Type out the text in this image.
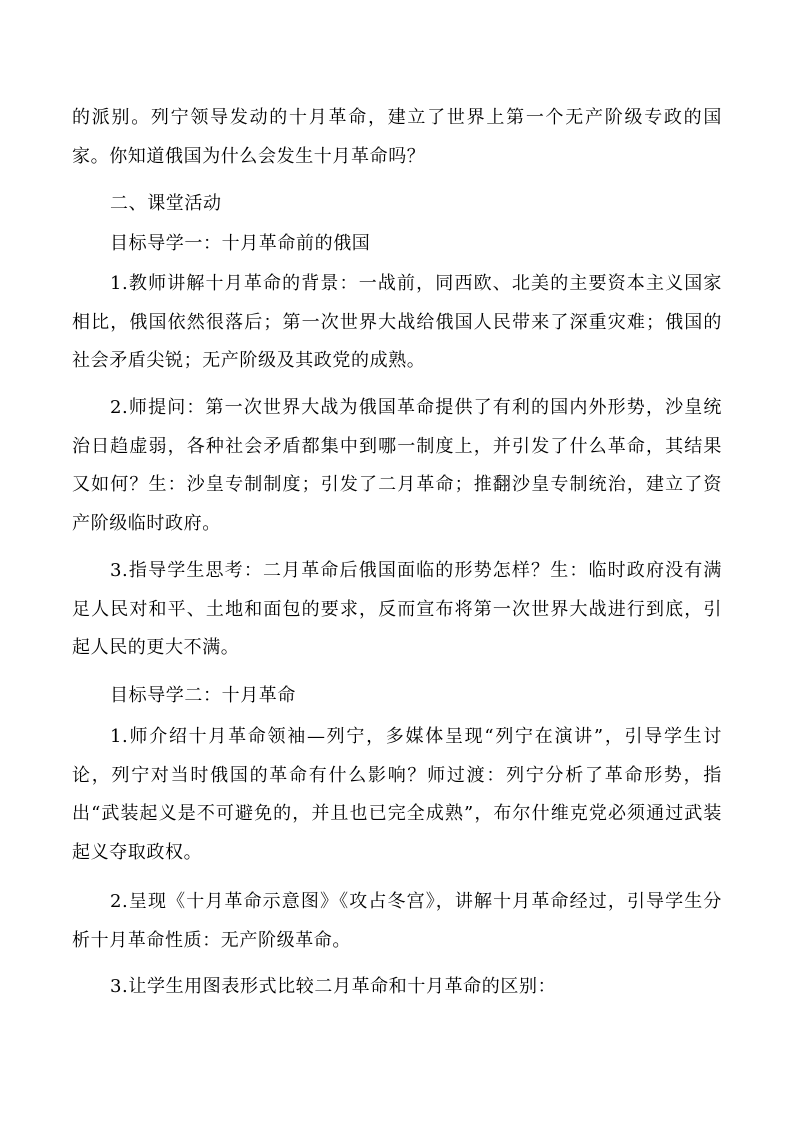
的派别。列宁领导发动的十月革命，建立了世界上第一个无产阶级专政的国家。你知道俄国为什么会发生十月革命吗？

二、课堂活动

目标导学一：十月革命前的俄国

1.教师讲解十月革命的背景：一战前，同西欧、北美的主要资本主义国家相比，俄国依然很落后；第一次世界大战给俄国人民带来了深重灾难；俄国的社会矛盾尖锐；无产阶级及其政党的成熟。

2.师提问：第一次世界大战为俄国革命提供了有利的国内外形势，沙皇统治日趋虚弱，各种社会矛盾都集中到哪一制度上，并引发了什么革命，其结果又如何？生：沙皇专制制度；引发了二月革命；推翻沙皇专制统治，建立了资产阶级临时政府。

3.指导学生思考：二月革命后俄国面临的形势怎样？生：临时政府没有满足人民对和平、土地和面包的要求，反而宣布将第一次世界大战进行到底，引起人民的更大不满。

目标导学二：十月革命

1.师介绍十月革命领袖—列宁，多媒体呈现“列宁在演讲”，引导学生讨论，列宁对当时俄国的革命有什么影响？师过渡：列宁分析了革命形势，指出“武装起义是不可避免的，并且也已完全成熟”，布尔什维克党必须通过武装起义夺取政权。

2.呈现《十月革命示意图》《攻占冬宫》，讲解十月革命经过，引导学生分析十月革命性质：无产阶级革命。

3.让学生用图表形式比较二月革命和十月革命的区别：
